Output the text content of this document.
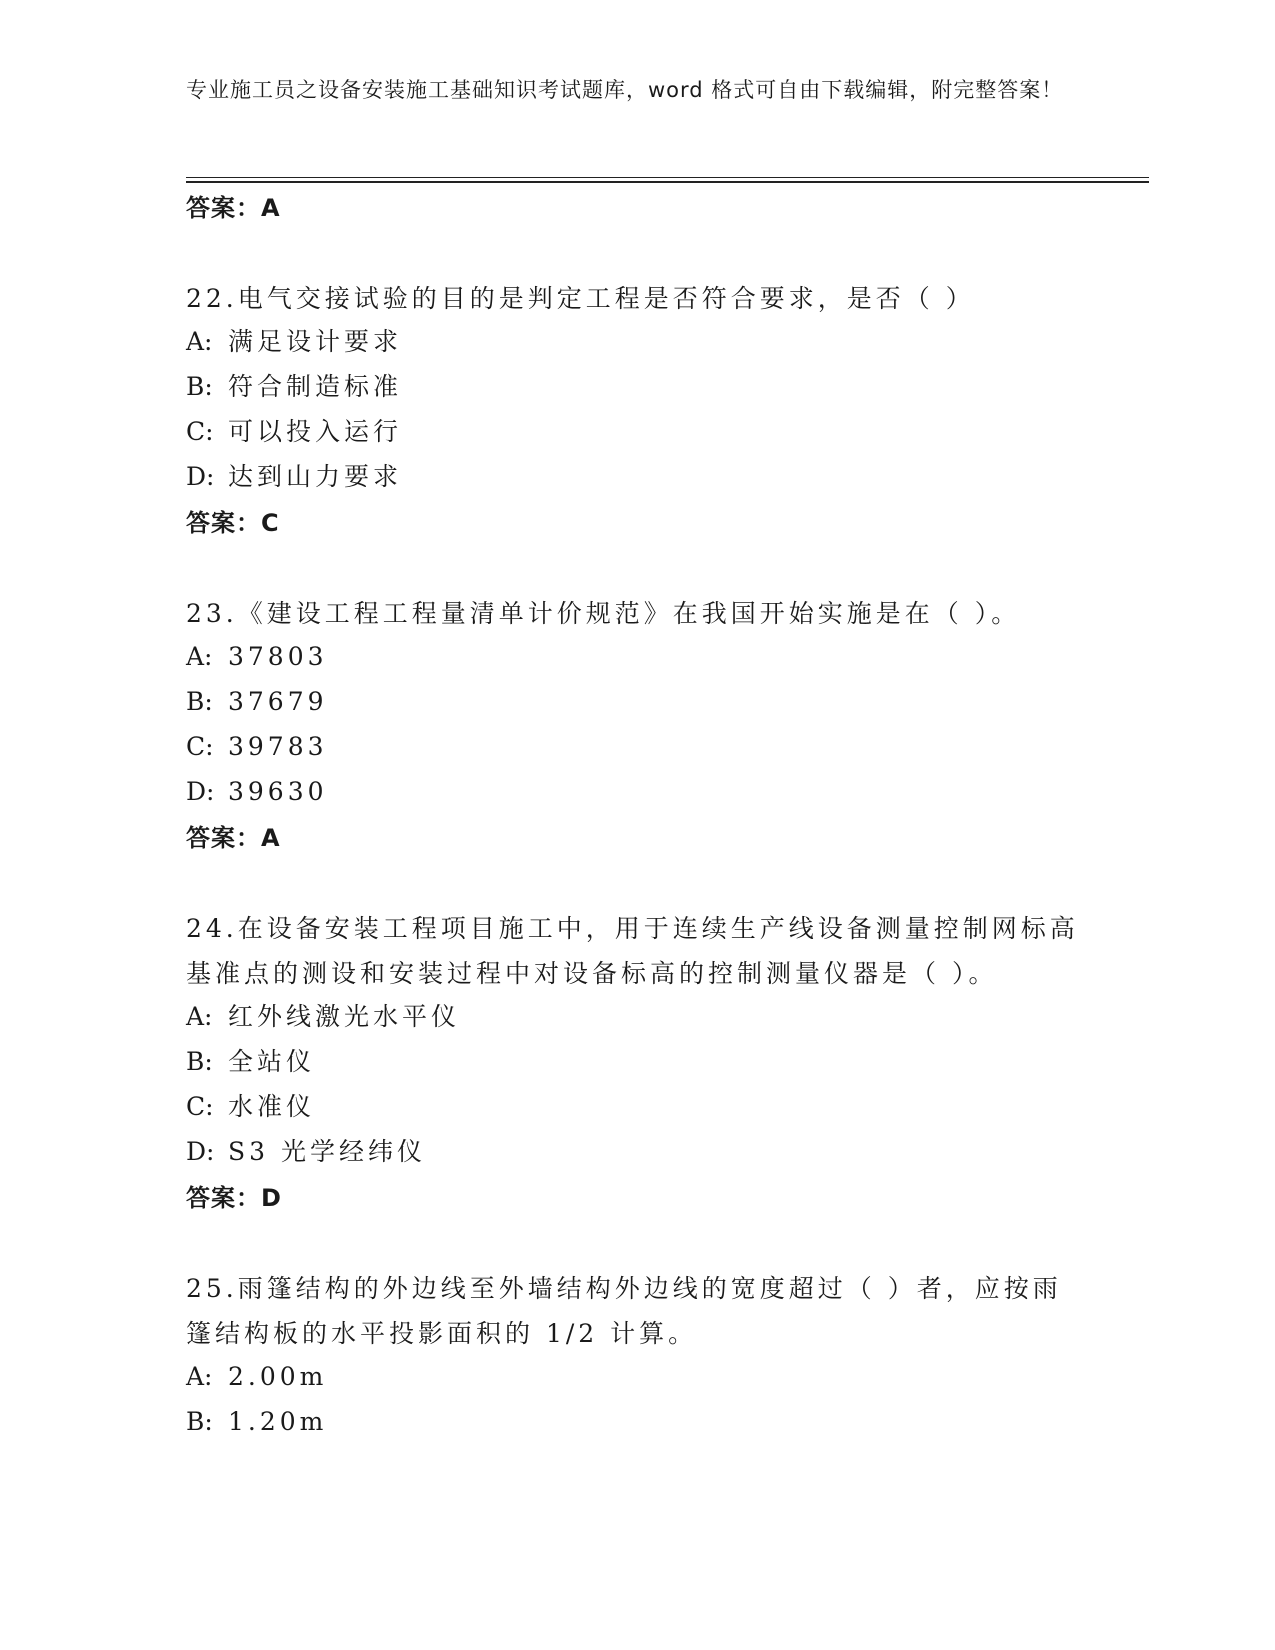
专业施工员之设备安装施工基础知识考试题库，word 格式可自由下载编辑，附完整答案！
答案：A
22.电气交接试验的目的是判定工程是否符合要求，是否（ ）
A: 满足设计要求
B: 符合制造标准
C: 可以投入运行
D: 达到山力要求
答案：C
23.《建设工程工程量清单计价规范》在我国开始实施是在（ ）。
A: 37803
B: 37679
C: 39783
D: 39630
答案：A
24.在设备安装工程项目施工中，用于连续生产线设备测量控制网标高基准点的测设和安装过程中对设备标高的控制测量仪器是（ ）。
A: 红外线激光水平仪
B: 全站仪
C: 水准仪
D: S3 光学经纬仪
答案：D
25.雨篷结构的外边线至外墙结构外边线的宽度超过（ ）者，应按雨篷结构板的水平投影面积的 1/2 计算。
A: 2.00m
B: 1.20m
